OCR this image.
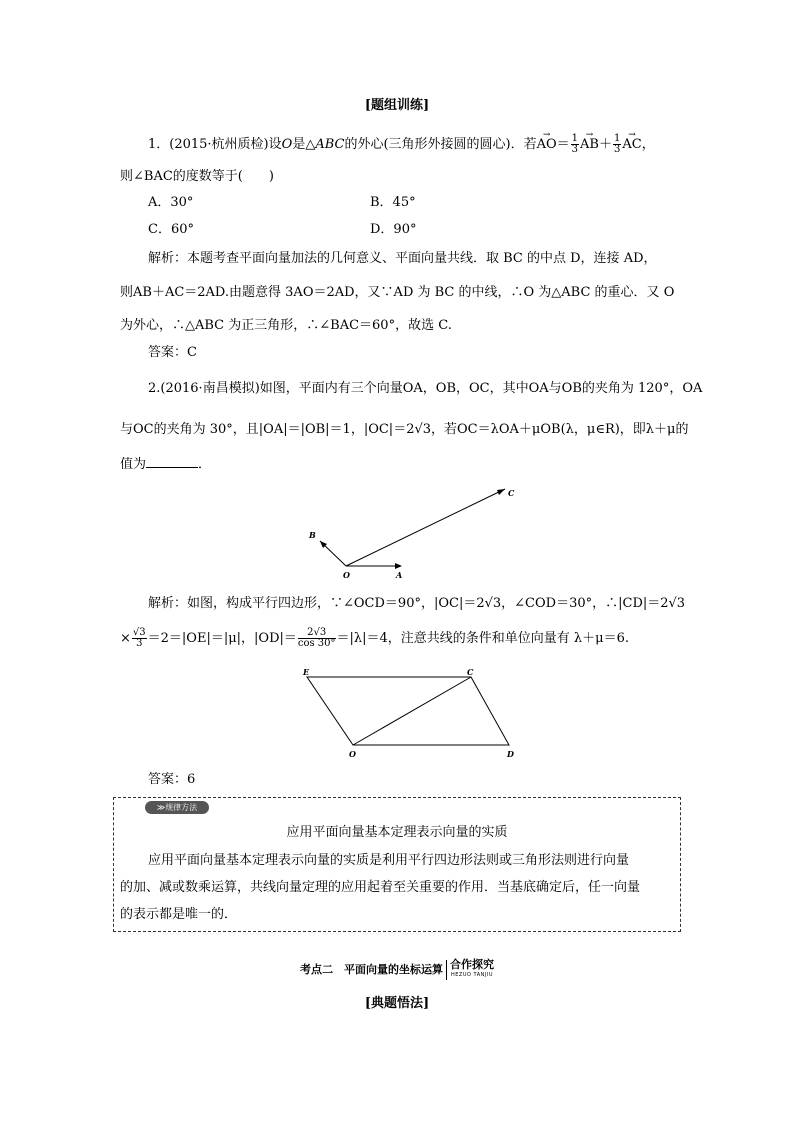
[题组训练]
1．(2015·杭州质检)设O是△ABC的外心(三角形外接圆的圆心)．若→ $AO= \frac{1}{3}$
→ $AB+ \frac{1}{3}$
→ AC，
则∠BAC的度数等于(　　)
A．30°	B．45°
C．60°	D．90°
解析：本题考查平面向量加法的几何意义、平面向量共线．取 BC 的中点 D，连接 AD，
则AB＋AC＝2AD.由题意得 3AO＝2AD，又∵AD 为 BC 的中线，∴O 为△ABC 的重心．又 O
为外心，∴△ABC 为正三角形，∴∠BAC＝60°，故选 C.
答案：C
2.(2016·南昌模拟)如图，平面内有三个向量OA，OB，OC，其中OA与OB的夹角为 120°，OA
与OC的夹角为 30°，且|OA|＝|OB|＝1，|OC|＝2√3，若OC＝λOA＋μOB(λ，μ∈R)，即λ＋μ的
值为	．
O	A
B
C
解析：如图，构成平行四边形，∵∠OCD＝90°，|OC|＝2√3，∠COD＝30°，∴|CD|＝2√3
× $\frac{√3}{3} =2=|OE|=|\mu|$，$|OD|= \frac{2√3}{\cos 30^\circ} =|\lambda|=4$，注意共线的条件和单位向量有 λ＋μ＝6.
E	C
O	D
答案：6
≫规律方法
应用平面向量基本定理表示向量的实质
应用平面向量基本定理表示向量的实质是利用平行四边形法则或三角形法则进行向量
的加、减或数乘运算，共线向量定理的应用起着至关重要的作用．当基底确定后，任一向量
的表示都是唯一的．
考点二　平面向量的坐标运算 合作探究
HEZUO TANJIU
[典题悟法]
